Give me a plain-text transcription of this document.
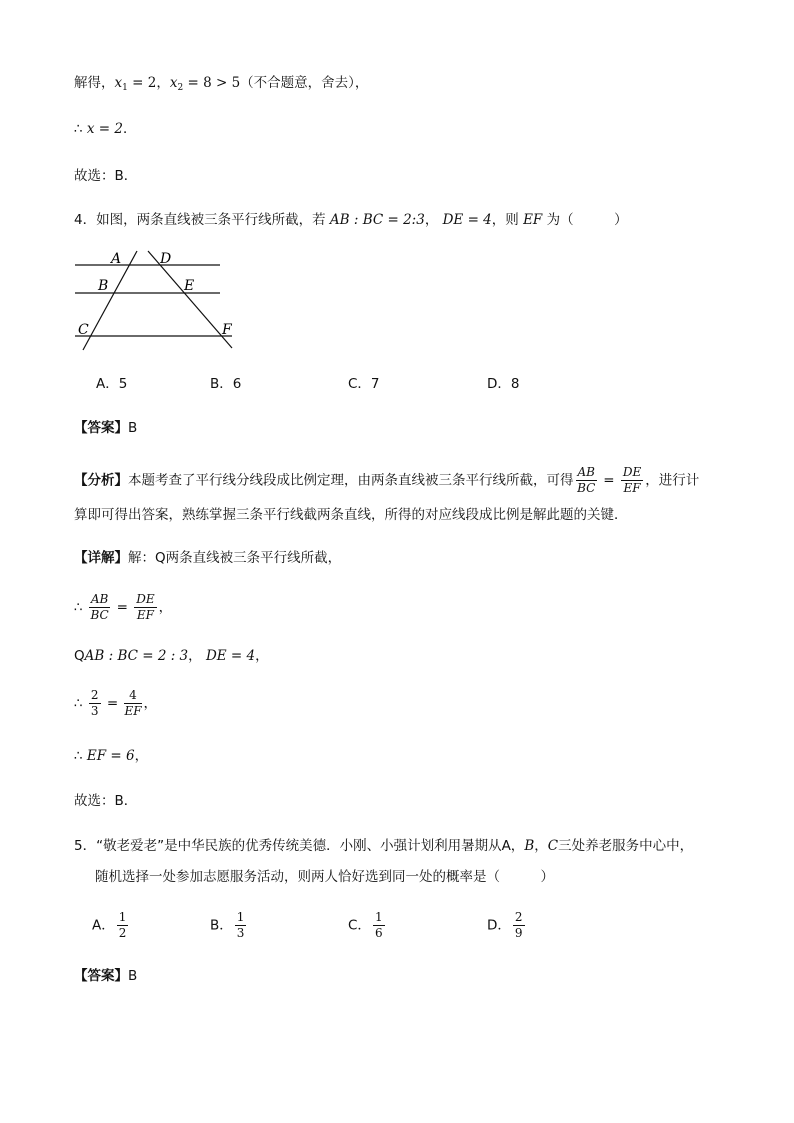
解得，$x_1 = 2$，$x_2 = 8 > 5$（不合题意，舍去），
∴ x = 2．
故选：B．
4．如图，两条直线被三条平行线所截，若 AB : BC = 2:3， DE = 4，则 EF 为（　　　）
A	D
B	E
C	F
A．5	B．6	C．7	D．8
【答案】B
【分析】本题考查了平行线分线段成比例定理，由两条直线被三条平行线所截，可得 $\frac{AB}{BC} = \frac{DE}{EF}$ ，进行计
算即可得出答案，熟练掌握三条平行线截两条直线，所得的对应线段成比例是解此题的关键．
【详解】解：Q两条直线被三条平行线所截，
∴ $\frac{AB}{BC} = \frac{DE}{EF}$ ，
QAB : BC = 2 : 3， DE = 4，
∴ $\frac{2}{3} = \frac{4}{EF}$ ，
∴ EF = 6，
故选：B．
5．“敬老爱老”是中华民族的优秀传统美德．小刚、小强计划利用暑期从A，B，C三处养老服务中心中，
随机选择一处参加志愿服务活动，则两人恰好选到同一处的概率是（　　　）
A． $\frac{1}{2}$	B． $\frac{1}{3}$	C． $\frac{1}{6}$	D． $\frac{2}{9}$
【答案】B
